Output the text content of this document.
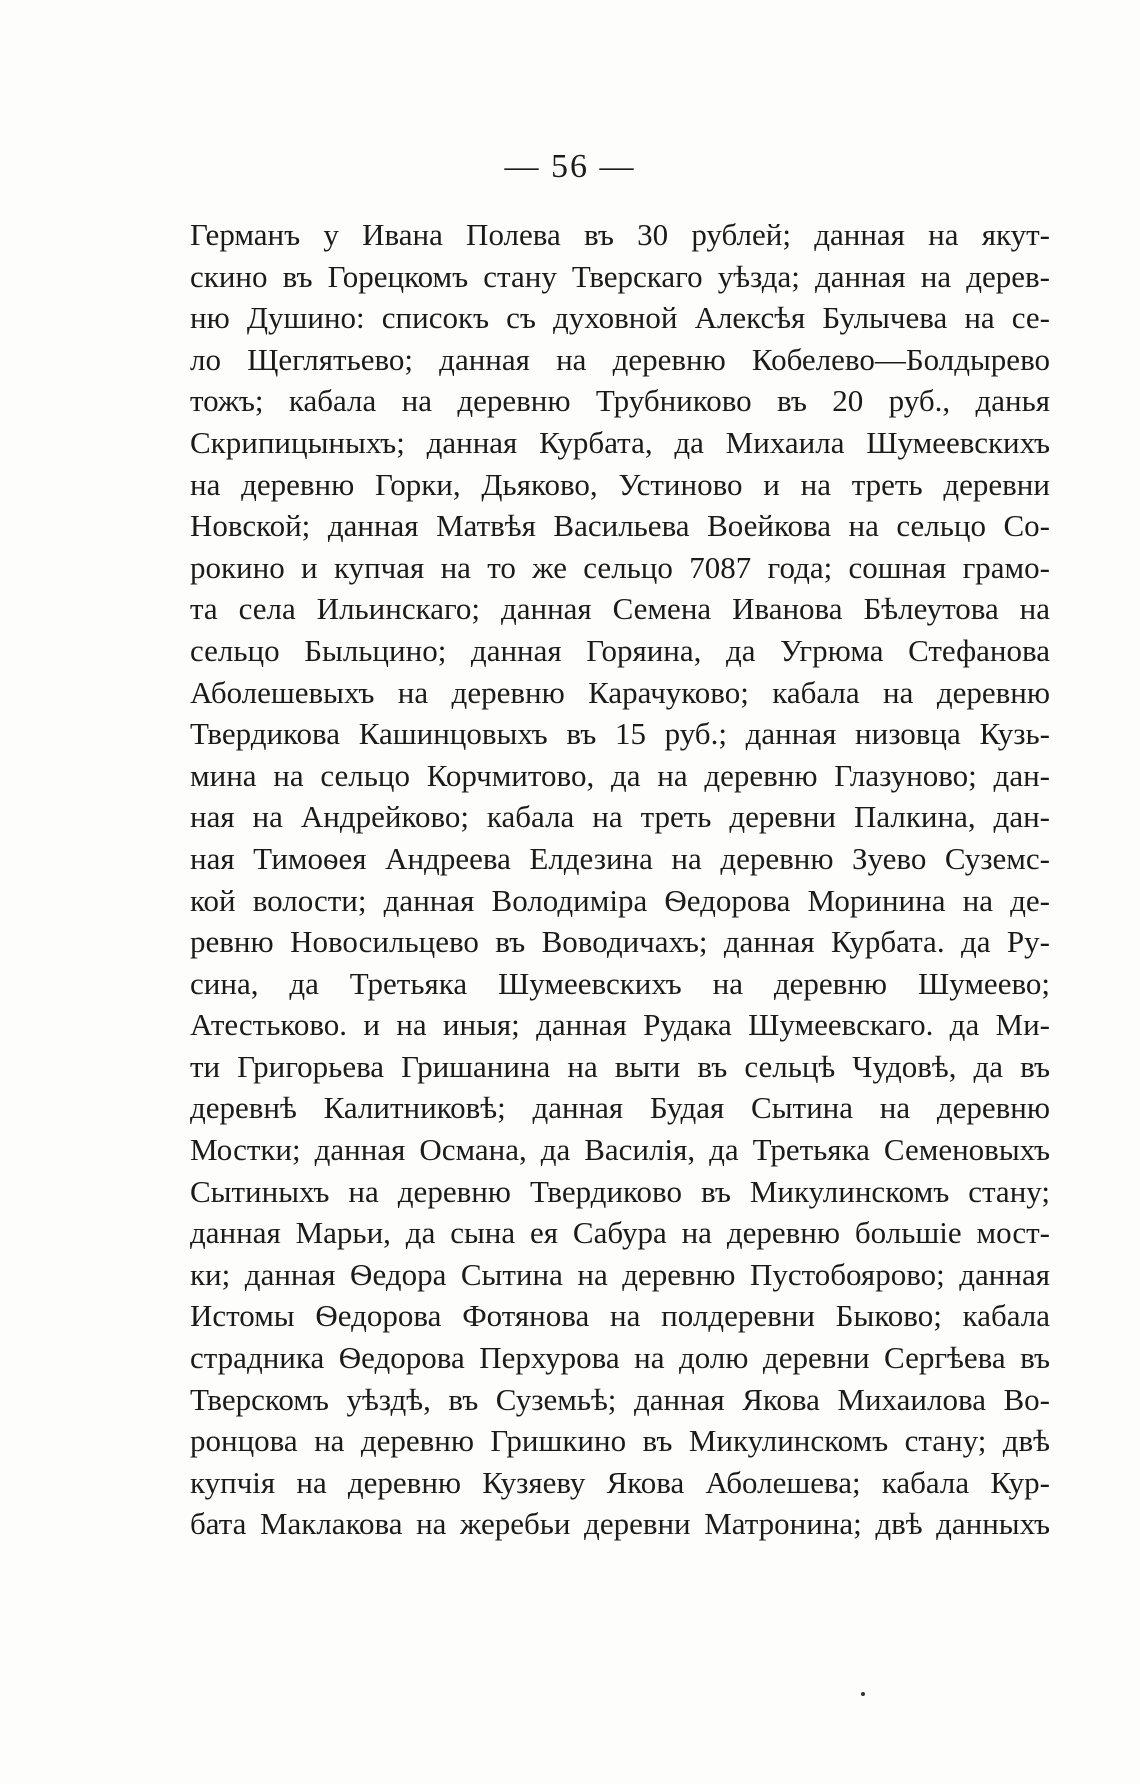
— 56 —
Германъ у Ивана Полева въ 30 рублей; данная на якут-
скино въ Горецкомъ стану Тверскаго уѣзда; данная на дерев-
ню Душино: списокъ съ духовной Алексѣя Булычева на се-
ло Щеглятьево; данная на деревню Кобелево—Болдырево
тожъ; кабала на деревню Трубниково въ 20 руб., данья
Скрипицыныхъ; данная Курбата, да Михаила Шумеевскихъ
на деревню Горки, Дьяково, Устиново и на треть деревни
Новской; данная Матвѣя Васильева Воейкова на сельцо Со-
рокино и купчая на то же сельцо 7087 года; сошная грамо-
та села Ильинскаго; данная Семена Иванова Бѣлеутова на
сельцо Быльцино; данная Горяина, да Угрюма Стефанова
Аболешевыхъ на деревню Карачуково; кабала на деревню
Твердикова Кашинцовыхъ въ 15 руб.; данная низовца Кузь-
мина на сельцо Корчмитово, да на деревню Глазуново; дан-
ная на Андрейково; кабала на треть деревни Палкина, дан-
ная Тимоѳея Андреева Елдезина на деревню Зуево Суземс-
кой волости; данная Володиміра Ѳедорова Моринина на де-
ревню Новосильцево въ Воводичахъ; данная Курбата. да Ру-
сина, да Третьяка Шумеевскихъ на деревню Шумеево;
Атестьково. и на иныя; данная Рудака Шумеевскаго. да Ми-
ти Григорьева Гришанина на выти въ сельцѣ Чудовѣ, да въ
деревнѣ Калитниковѣ; данная Будая Сытина на деревню
Мостки; данная Османа, да Василія, да Третьяка Семеновыхъ
Сытиныхъ на деревню Твердиково въ Микулинскомъ стану;
данная Марьи, да сына ея Сабура на деревню большіе мост-
ки; данная Ѳедора Сытина на деревню Пустобоярово; данная
Истомы Ѳедорова Фотянова на полдеревни Быково; кабала
страдника Ѳедорова Перхурова на долю деревни Сергѣева въ
Тверскомъ уѣздѣ, въ Суземьѣ; данная Якова Михаилова Во-
ронцова на деревню Гришкино въ Микулинскомъ стану; двѣ
купчія на деревню Кузяеву Якова Аболешева; кабала Кур-
бата Маклакова на жеребьи деревни Матронина; двѣ данныхъ
